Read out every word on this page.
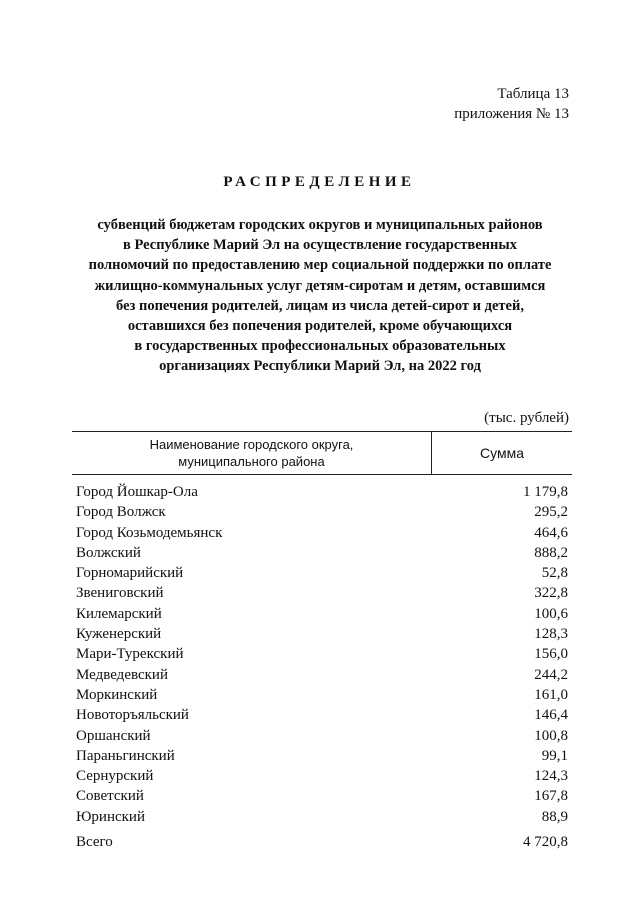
Таблица 13
приложения № 13
РАСПРЕДЕЛЕНИЕ
субвенций бюджетам городских округов и муниципальных районов
в Республике Марий Эл на осуществление государственных
полномочий по предоставлению мер социальной поддержки по оплате
жилищно-коммунальных услуг детям-сиротам и детям, оставшимся
без попечения родителей, лицам из числа детей-сирот и детей,
оставшихся без попечения родителей, кроме обучающихся
в государственных профессиональных образовательных
организациях Республики Марий Эл, на 2022 год
(тыс. рублей)
Наименование городского округа,
муниципального района
Сумма
Город Йошкар-Ола	1 179,8
Город Волжск	295,2
Город Козьмодемьянск	464,6
Волжский	888,2
Горномарийский	52,8
Звениговский	322,8
Килемарский	100,6
Куженерский	128,3
Мари-Турекский	156,0
Медведевский	244,2
Моркинский	161,0
Новоторъяльский	146,4
Оршанский	100,8
Параньгинский	99,1
Сернурский	124,3
Советский	167,8
Юринский	88,9
Всего	4 720,8
